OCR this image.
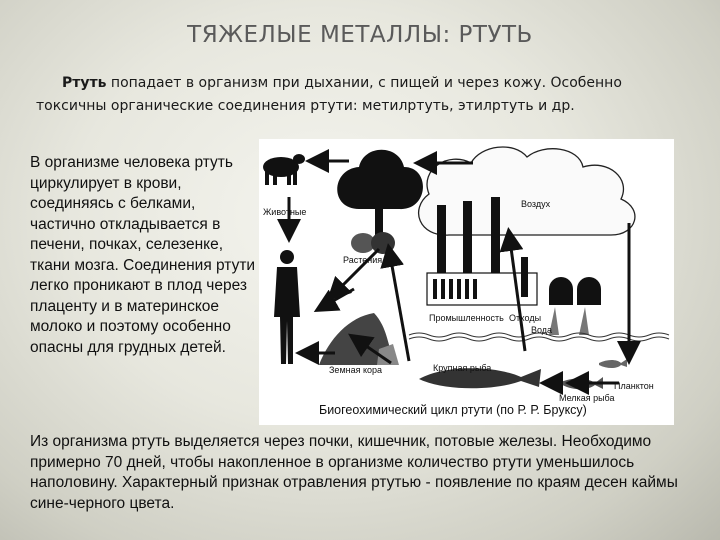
ТЯЖЕЛЫЕ МЕТАЛЛЫ: РТУТЬ
Ртуть попадает в организм при дыхании, с пищей и через кожу. Особенно токсичны органические соединения ртути: метилртуть, этилртуть и др.
В организме человека ртуть циркулирует в крови, соединяясь с белками, частично откладывается в печени, почках, селезенке, ткани мозга. Соединения ртути легко проникают в плод через плаценту и в материнское молоко и поэтому особенно опасны для грудных детей.
Животные
Воздух
Растения
Промышленность Отходы
Вода
Земная кора	Крупная рыба
Мелкая рыба
Планктон
Биогеохимический цикл ртути (по Р. Р. Бруксу)
Из организма ртуть выделяется через почки, кишечник, потовые железы. Необходимо примерно 70 дней, чтобы накопленное в организме количество ртути уменьшилось наполовину. Характерный признак отравления ртутью - появление по краям десен каймы сине-черного цвета.
